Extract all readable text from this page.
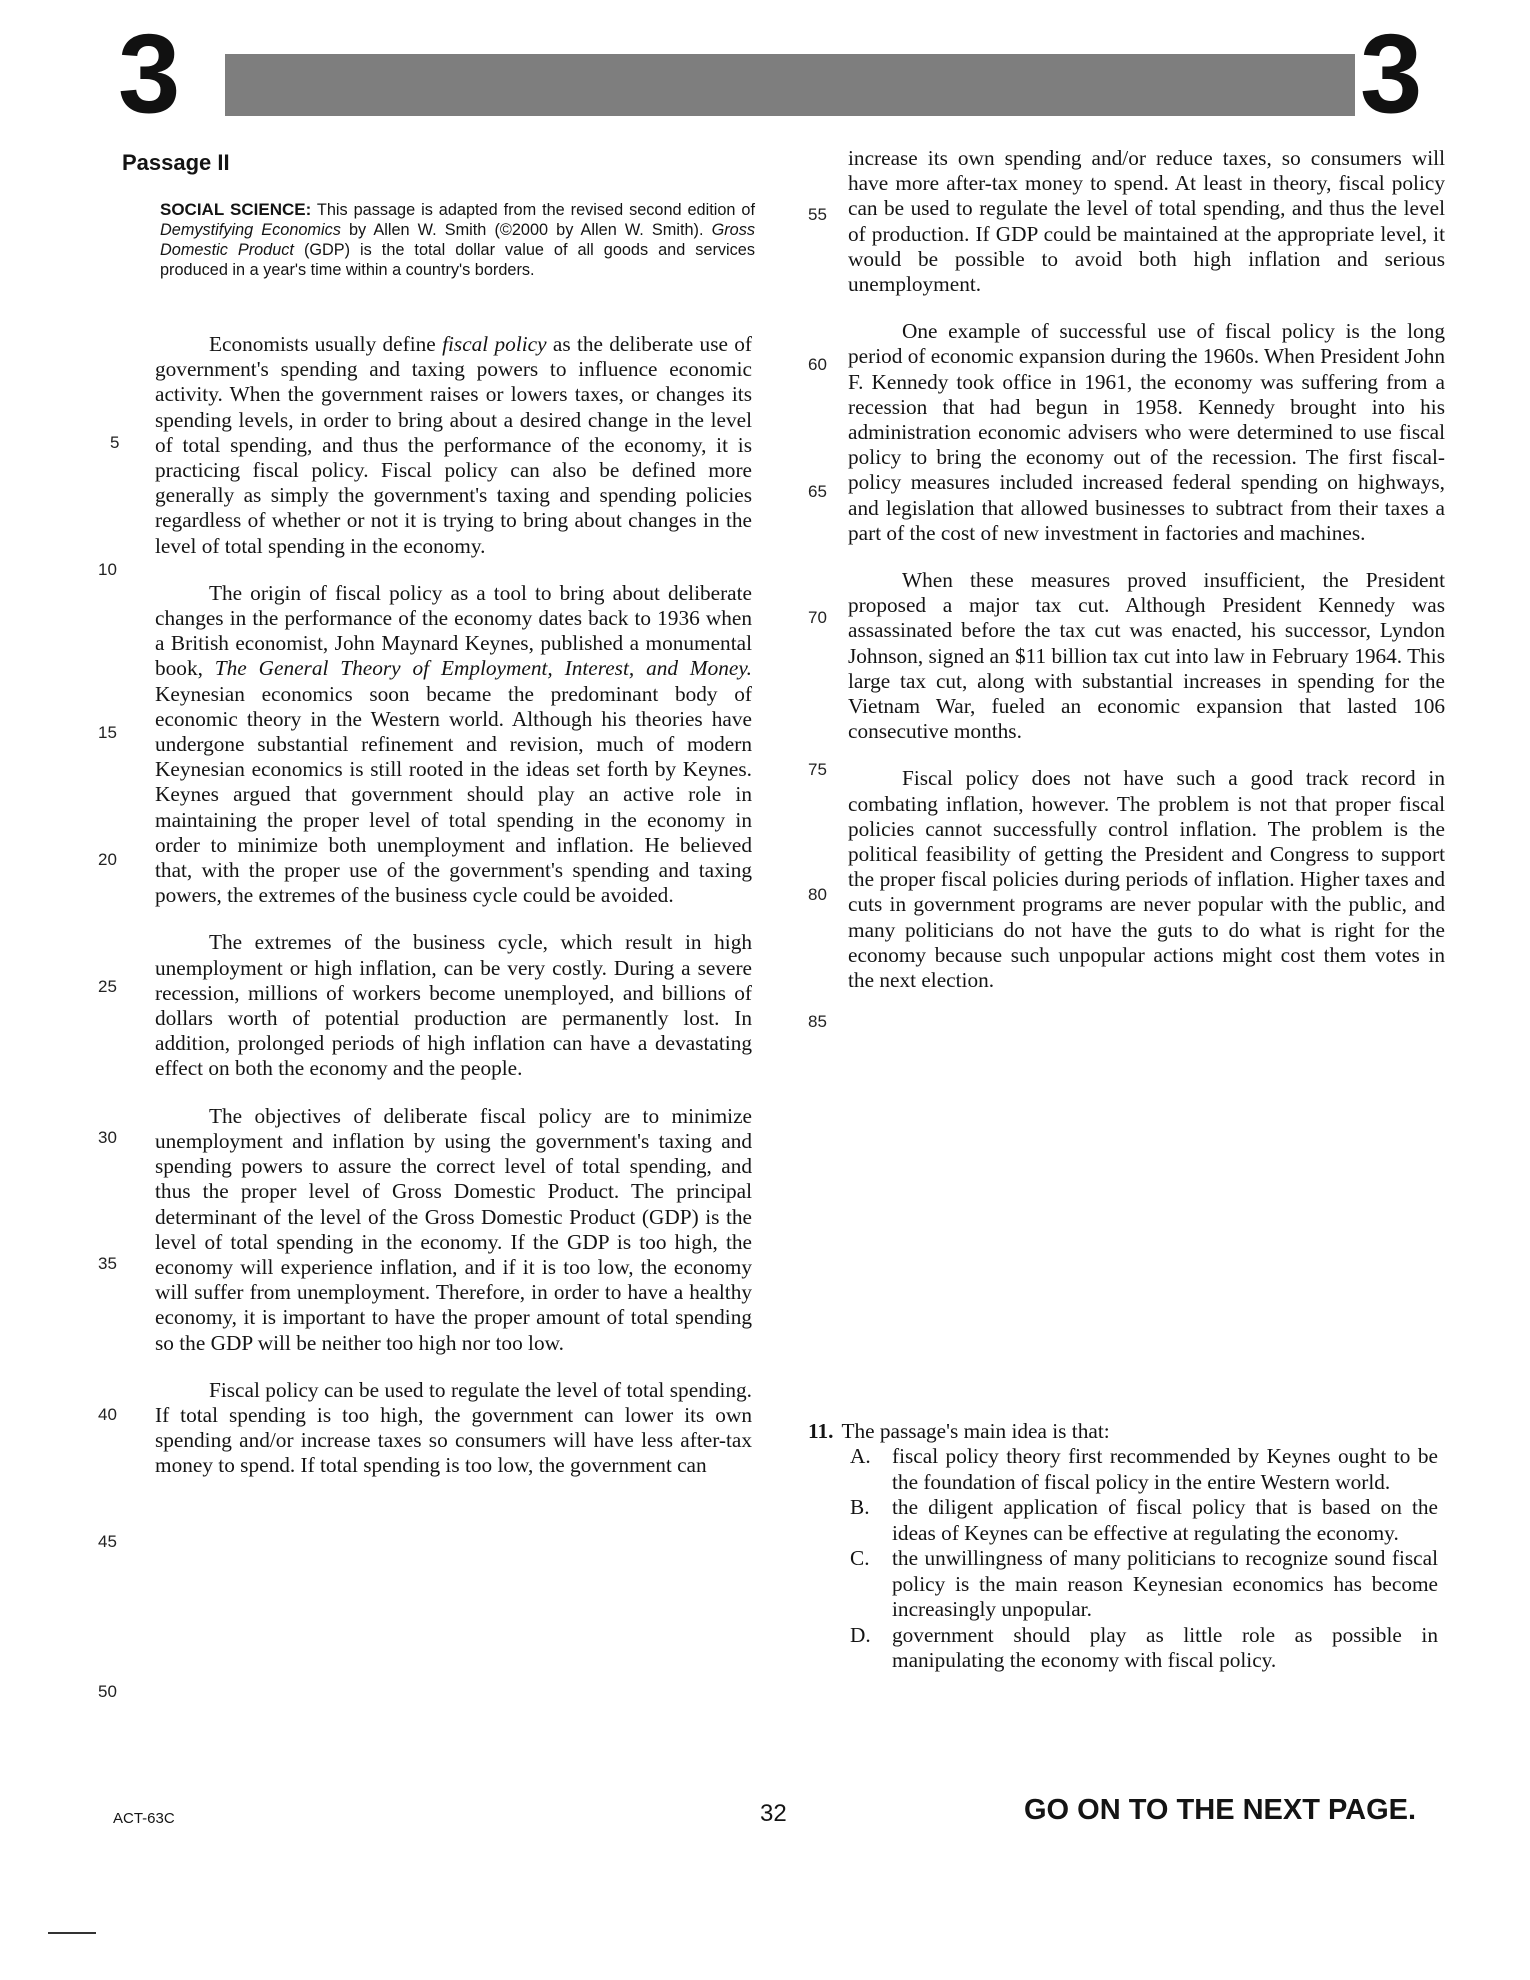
3	3
Passage II
SOCIAL SCIENCE: This passage is adapted from the revised second edition of Demystifying Economics by Allen W. Smith (©2000 by Allen W. Smith). Gross Domestic Product (GDP) is the total dollar value of all goods and services produced in a year's time within a country's borders.
5
10
15
20
25
30
35
40
45
50
55
60
65
70
75
80
85

Economists usually define fiscal policy as the deliberate use of government's spending and taxing powers to influence economic activity. When the government raises or lowers taxes, or changes its spending levels, in order to bring about a desired change in the level of total spending, and thus the performance of the economy, it is practicing fiscal policy. Fiscal policy can also be defined more generally as simply the government's taxing and spending policies regardless of whether or not it is trying to bring about changes in the level of total spending in the economy.

The origin of fiscal policy as a tool to bring about deliberate changes in the performance of the economy dates back to 1936 when a British economist, John Maynard Keynes, published a monumental book, The General Theory of Employment, Interest, and Money. Keynesian economics soon became the predominant body of economic theory in the Western world. Although his theories have undergone substantial refinement and revision, much of modern Keynesian economics is still rooted in the ideas set forth by Keynes. Keynes argued that government should play an active role in maintaining the proper level of total spending in the economy in order to minimize both unemployment and inflation. He believed that, with the proper use of the government's spending and taxing powers, the extremes of the business cycle could be avoided.

The extremes of the business cycle, which result in high unemployment or high inflation, can be very costly. During a severe recession, millions of workers become unemployed, and billions of dollars worth of potential production are permanently lost. In addition, prolonged periods of high inflation can have a devastating effect on both the economy and the people.

The objectives of deliberate fiscal policy are to minimize unemployment and inflation by using the government's taxing and spending powers to assure the correct level of total spending, and thus the proper level of Gross Domestic Product. The principal determinant of the level of the Gross Domestic Product (GDP) is the level of total spending in the economy. If the GDP is too high, the economy will experience inflation, and if it is too low, the economy will suffer from unemployment. Therefore, in order to have a healthy economy, it is important to have the proper amount of total spending so the GDP will be neither too high nor too low.

Fiscal policy can be used to regulate the level of total spending. If total spending is too high, the government can lower its own spending and/or increase taxes so consumers will have less after-tax money to spend. If total spending is too low, the government can

increase its own spending and/or reduce taxes, so consumers will have more after-tax money to spend. At least in theory, fiscal policy can be used to regulate the level of total spending, and thus the level of production. If GDP could be maintained at the appropriate level, it would be possible to avoid both high inflation and serious unemployment.

One example of successful use of fiscal policy is the long period of economic expansion during the 1960s. When President John F. Kennedy took office in 1961, the economy was suffering from a recession that had begun in 1958. Kennedy brought into his administration economic advisers who were determined to use fiscal policy to bring the economy out of the recession. The first fiscal-policy measures included increased federal spending on highways, and legislation that allowed businesses to subtract from their taxes a part of the cost of new investment in factories and machines.

When these measures proved insufficient, the President proposed a major tax cut. Although President Kennedy was assassinated before the tax cut was enacted, his successor, Lyndon Johnson, signed an $11 billion tax cut into law in February 1964. This large tax cut, along with substantial increases in spending for the Vietnam War, fueled an economic expansion that lasted 106 consecutive months.

Fiscal policy does not have such a good track record in combating inflation, however. The problem is not that proper fiscal policies cannot successfully control inflation. The problem is the political feasibility of getting the President and Congress to support the proper fiscal policies during periods of inflation. Higher taxes and cuts in government programs are never popular with the public, and many politicians do not have the guts to do what is right for the economy because such unpopular actions might cost them votes in the next election.

11. The passage's main idea is that:
A. fiscal policy theory first recommended by Keynes ought to be the foundation of fiscal policy in the entire Western world.
B. the diligent application of fiscal policy that is based on the ideas of Keynes can be effective at regulating the economy.
C. the unwillingness of many politicians to recognize sound fiscal policy is the main reason Keynesian economics has become increasingly unpopular.
D. government should play as little role as possible in manipulating the economy with fiscal policy.
ACT-63C	32	GO ON TO THE NEXT PAGE.
